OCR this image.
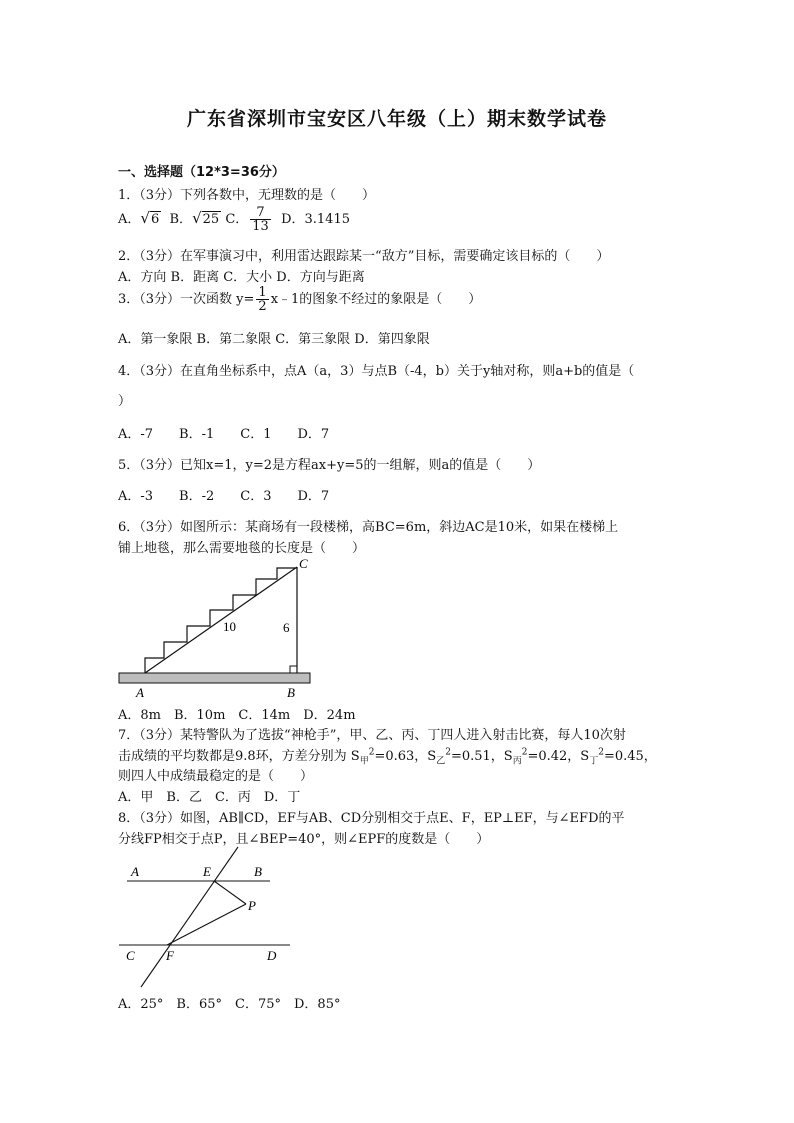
广东省深圳市宝安区八年级（上）期末数学试卷
一、选择题（12*3=36分）
1．（3分）下列各数中，无理数的是（　　）
A．√6 B．√25 C． $\frac{7}{13}$ D．3.1415
2．（3分）在军事演习中，利用雷达跟踪某一“敌方”目标，需要确定该目标的（　　）
A．方向 B．距离 C．大小 D．方向与距离
3．（3分）一次函数 $y= \frac{1}{2}$ x﹣1的图象不经过的象限是（　　）
A．第一象限 B．第二象限 C．第三象限 D．第四象限
4．（3分）在直角坐标系中，点A（a，3）与点B（-4，b）关于y轴对称，则a+b的值是（
）
A．-7　　B．-1　　C．1　　D．7
5．（3分）已知x=1，y=2是方程ax+y=5的一组解，则a的值是（　　）
A．-3　　B．-2　　C．3　　D．7
6．（3分）如图所示：某商场有一段楼梯，高BC=6m，斜边AC是10米，如果在楼梯上
铺上地毯，那么需要地毯的长度是（　　）
A	B
C
10	6
A．8m　B．10m　C．14m　D．24m
7．（3分）某特警队为了选拔“神枪手”，甲、乙、丙、丁四人进入射击比赛，每人10次射
击成绩的平均数都是9.8环，方差分别为 $S_甲^2=0.63$，$S_乙^2=0.51$，$S_丙^2=0.42$，$S_丁^2=0.45$，
则四人中成绩最稳定的是（　　）
A．甲　B．乙　C．丙　D．丁
8．（3分）如图，AB∥CD，EF与AB、CD分别相交于点E、F，EP⊥EF，与∠EFD的平
分线FP相交于点P，且∠BEP=40°，则∠EPF的度数是（　　）
A	E	B
P
C F	D
A．25°　B．65°　C．75°　D．85°
